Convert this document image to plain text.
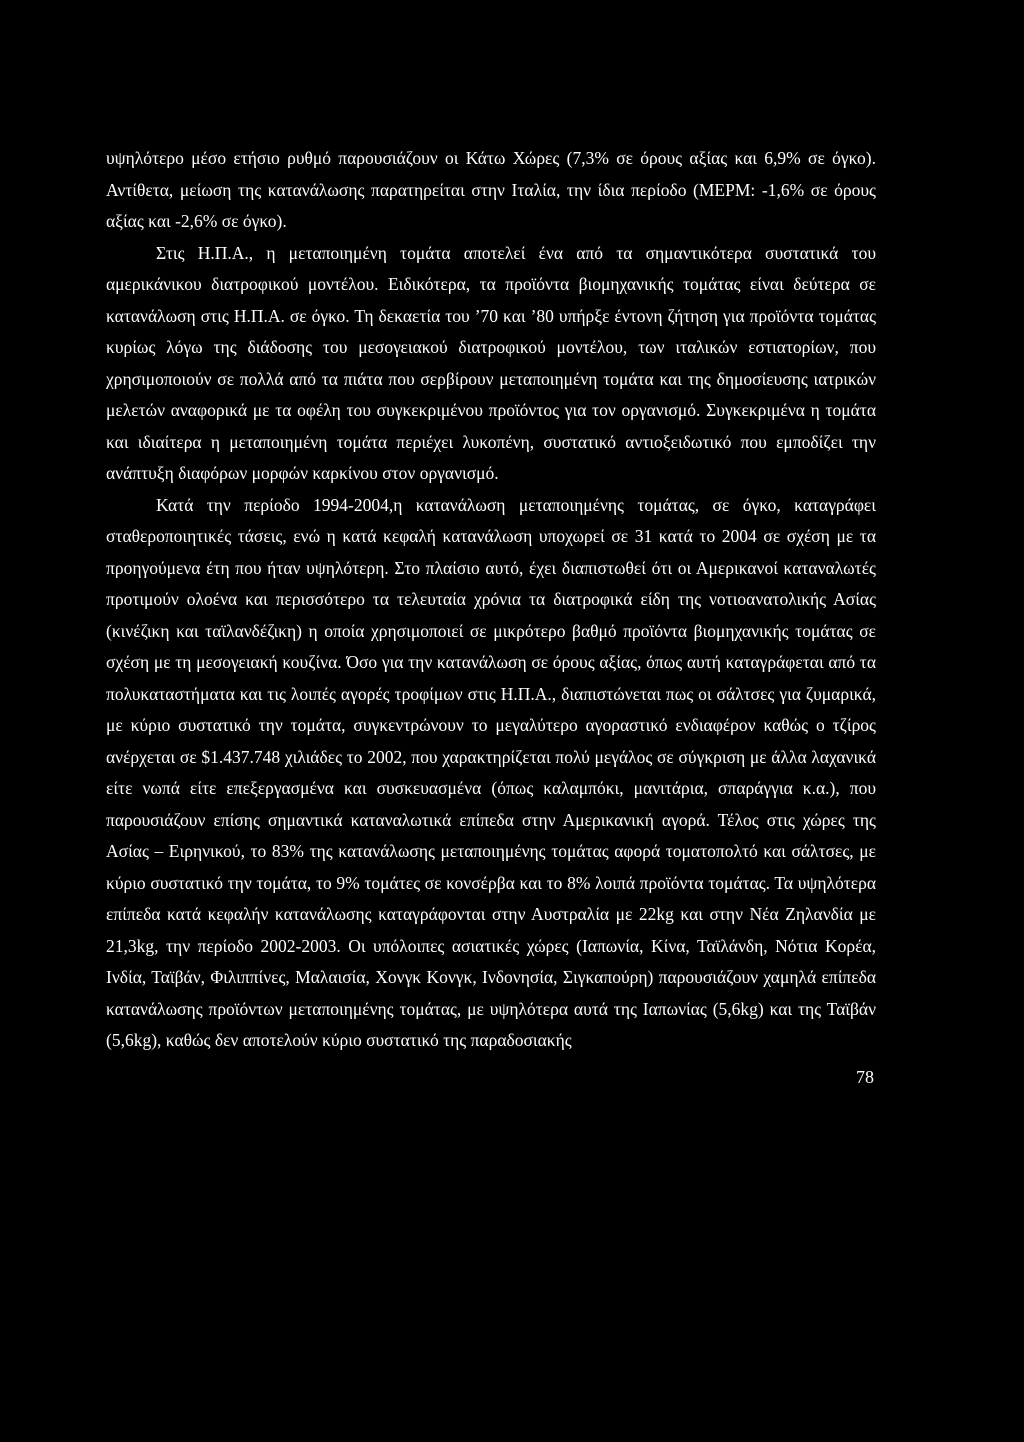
υψηλότερο μέσο ετήσιο ρυθμό παρουσιάζουν οι Κάτω Χώρες (7,3% σε όρους αξίας και 6,9% σε όγκο). Αντίθετα, μείωση της κατανάλωσης παρατηρείται στην Ιταλία, την ίδια περίοδο (ΜΕΡΜ: -1,6% σε όρους αξίας και -2,6% σε όγκο).

Στις Η.Π.Α., η μεταποιημένη τομάτα αποτελεί ένα από τα σημαντικότερα συστατικά του αμερικάνικου διατροφικού μοντέλου. Ειδικότερα, τα προϊόντα βιομηχανικής τομάτας είναι δεύτερα σε κατανάλωση στις Η.Π.Α. σε όγκο. Τη δεκαετία του ’70 και ’80 υπήρξε έντονη ζήτηση για προϊόντα τομάτας κυρίως λόγω της διάδοσης του μεσογειακού διατροφικού μοντέλου, των ιταλικών εστιατορίων, που χρησιμοποιούν σε πολλά από τα πιάτα που σερβίρουν μεταποιημένη τομάτα και της δημοσίευσης ιατρικών μελετών αναφορικά με τα οφέλη του συγκεκριμένου προϊόντος για τον οργανισμό. Συγκεκριμένα η τομάτα και ιδιαίτερα η μεταποιημένη τομάτα περιέχει λυκοπένη, συστατικό αντιοξειδωτικό που εμποδίζει την ανάπτυξη διαφόρων μορφών καρκίνου στον οργανισμό.

Κατά την περίοδο 1994-2004,η κατανάλωση μεταποιημένης τομάτας, σε όγκο, καταγράφει σταθεροποιητικές τάσεις, ενώ η κατά κεφαλή κατανάλωση υποχωρεί σε 31 κατά το 2004 σε σχέση με τα προηγούμενα έτη που ήταν υψηλότερη. Στο πλαίσιο αυτό, έχει διαπιστωθεί ότι οι Αμερικανοί καταναλωτές προτιμούν ολοένα και περισσότερο τα τελευταία χρόνια τα διατροφικά είδη της νοτιοανατολικής Ασίας (κινέζικη και ταϊλανδέζικη) η οποία χρησιμοποιεί σε μικρότερο βαθμό προϊόντα βιομηχανικής τομάτας σε σχέση με τη μεσογειακή κουζίνα. Όσο για την κατανάλωση σε όρους αξίας, όπως αυτή καταγράφεται από τα πολυκαταστήματα και τις λοιπές αγορές τροφίμων στις Η.Π.Α., διαπιστώνεται πως οι σάλτσες για ζυμαρικά, με κύριο συστατικό την τομάτα, συγκεντρώνουν το μεγαλύτερο αγοραστικό ενδιαφέρον καθώς ο τζίρος ανέρχεται σε $1.437.748 χιλιάδες το 2002, που χαρακτηρίζεται πολύ μεγάλος σε σύγκριση με άλλα λαχανικά είτε νωπά είτε επεξεργασμένα και συσκευασμένα (όπως καλαμπόκι, μανιτάρια, σπαράγγια κ.α.), που παρουσιάζουν επίσης σημαντικά καταναλωτικά επίπεδα στην Αμερικανική αγορά. Τέλος στις χώρες της Ασίας – Ειρηνικού, το 83% της κατανάλωσης μεταποιημένης τομάτας αφορά τοματοπολτό και σάλτσες, με κύριο συστατικό την τομάτα, το 9% τομάτες σε κονσέρβα και το 8% λοιπά προϊόντα τομάτας. Τα υψηλότερα επίπεδα κατά κεφαλήν κατανάλωσης καταγράφονται στην Αυστραλία με 22kg και στην Νέα Ζηλανδία με 21,3kg, την περίοδο 2002-2003. Οι υπόλοιπες ασιατικές χώρες (Ιαπωνία, Κίνα, Ταϊλάνδη, Νότια Κορέα, Ινδία, Ταϊβάν, Φιλιππίνες, Μαλαισία, Χονγκ Κονγκ, Ινδονησία, Σιγκαπούρη) παρουσιάζουν χαμηλά επίπεδα κατανάλωσης προϊόντων μεταποιημένης τομάτας, με υψηλότερα αυτά της Ιαπωνίας (5,6kg) και της Ταϊβάν (5,6kg), καθώς δεν αποτελούν κύριο συστατικό της παραδοσιακής

78
